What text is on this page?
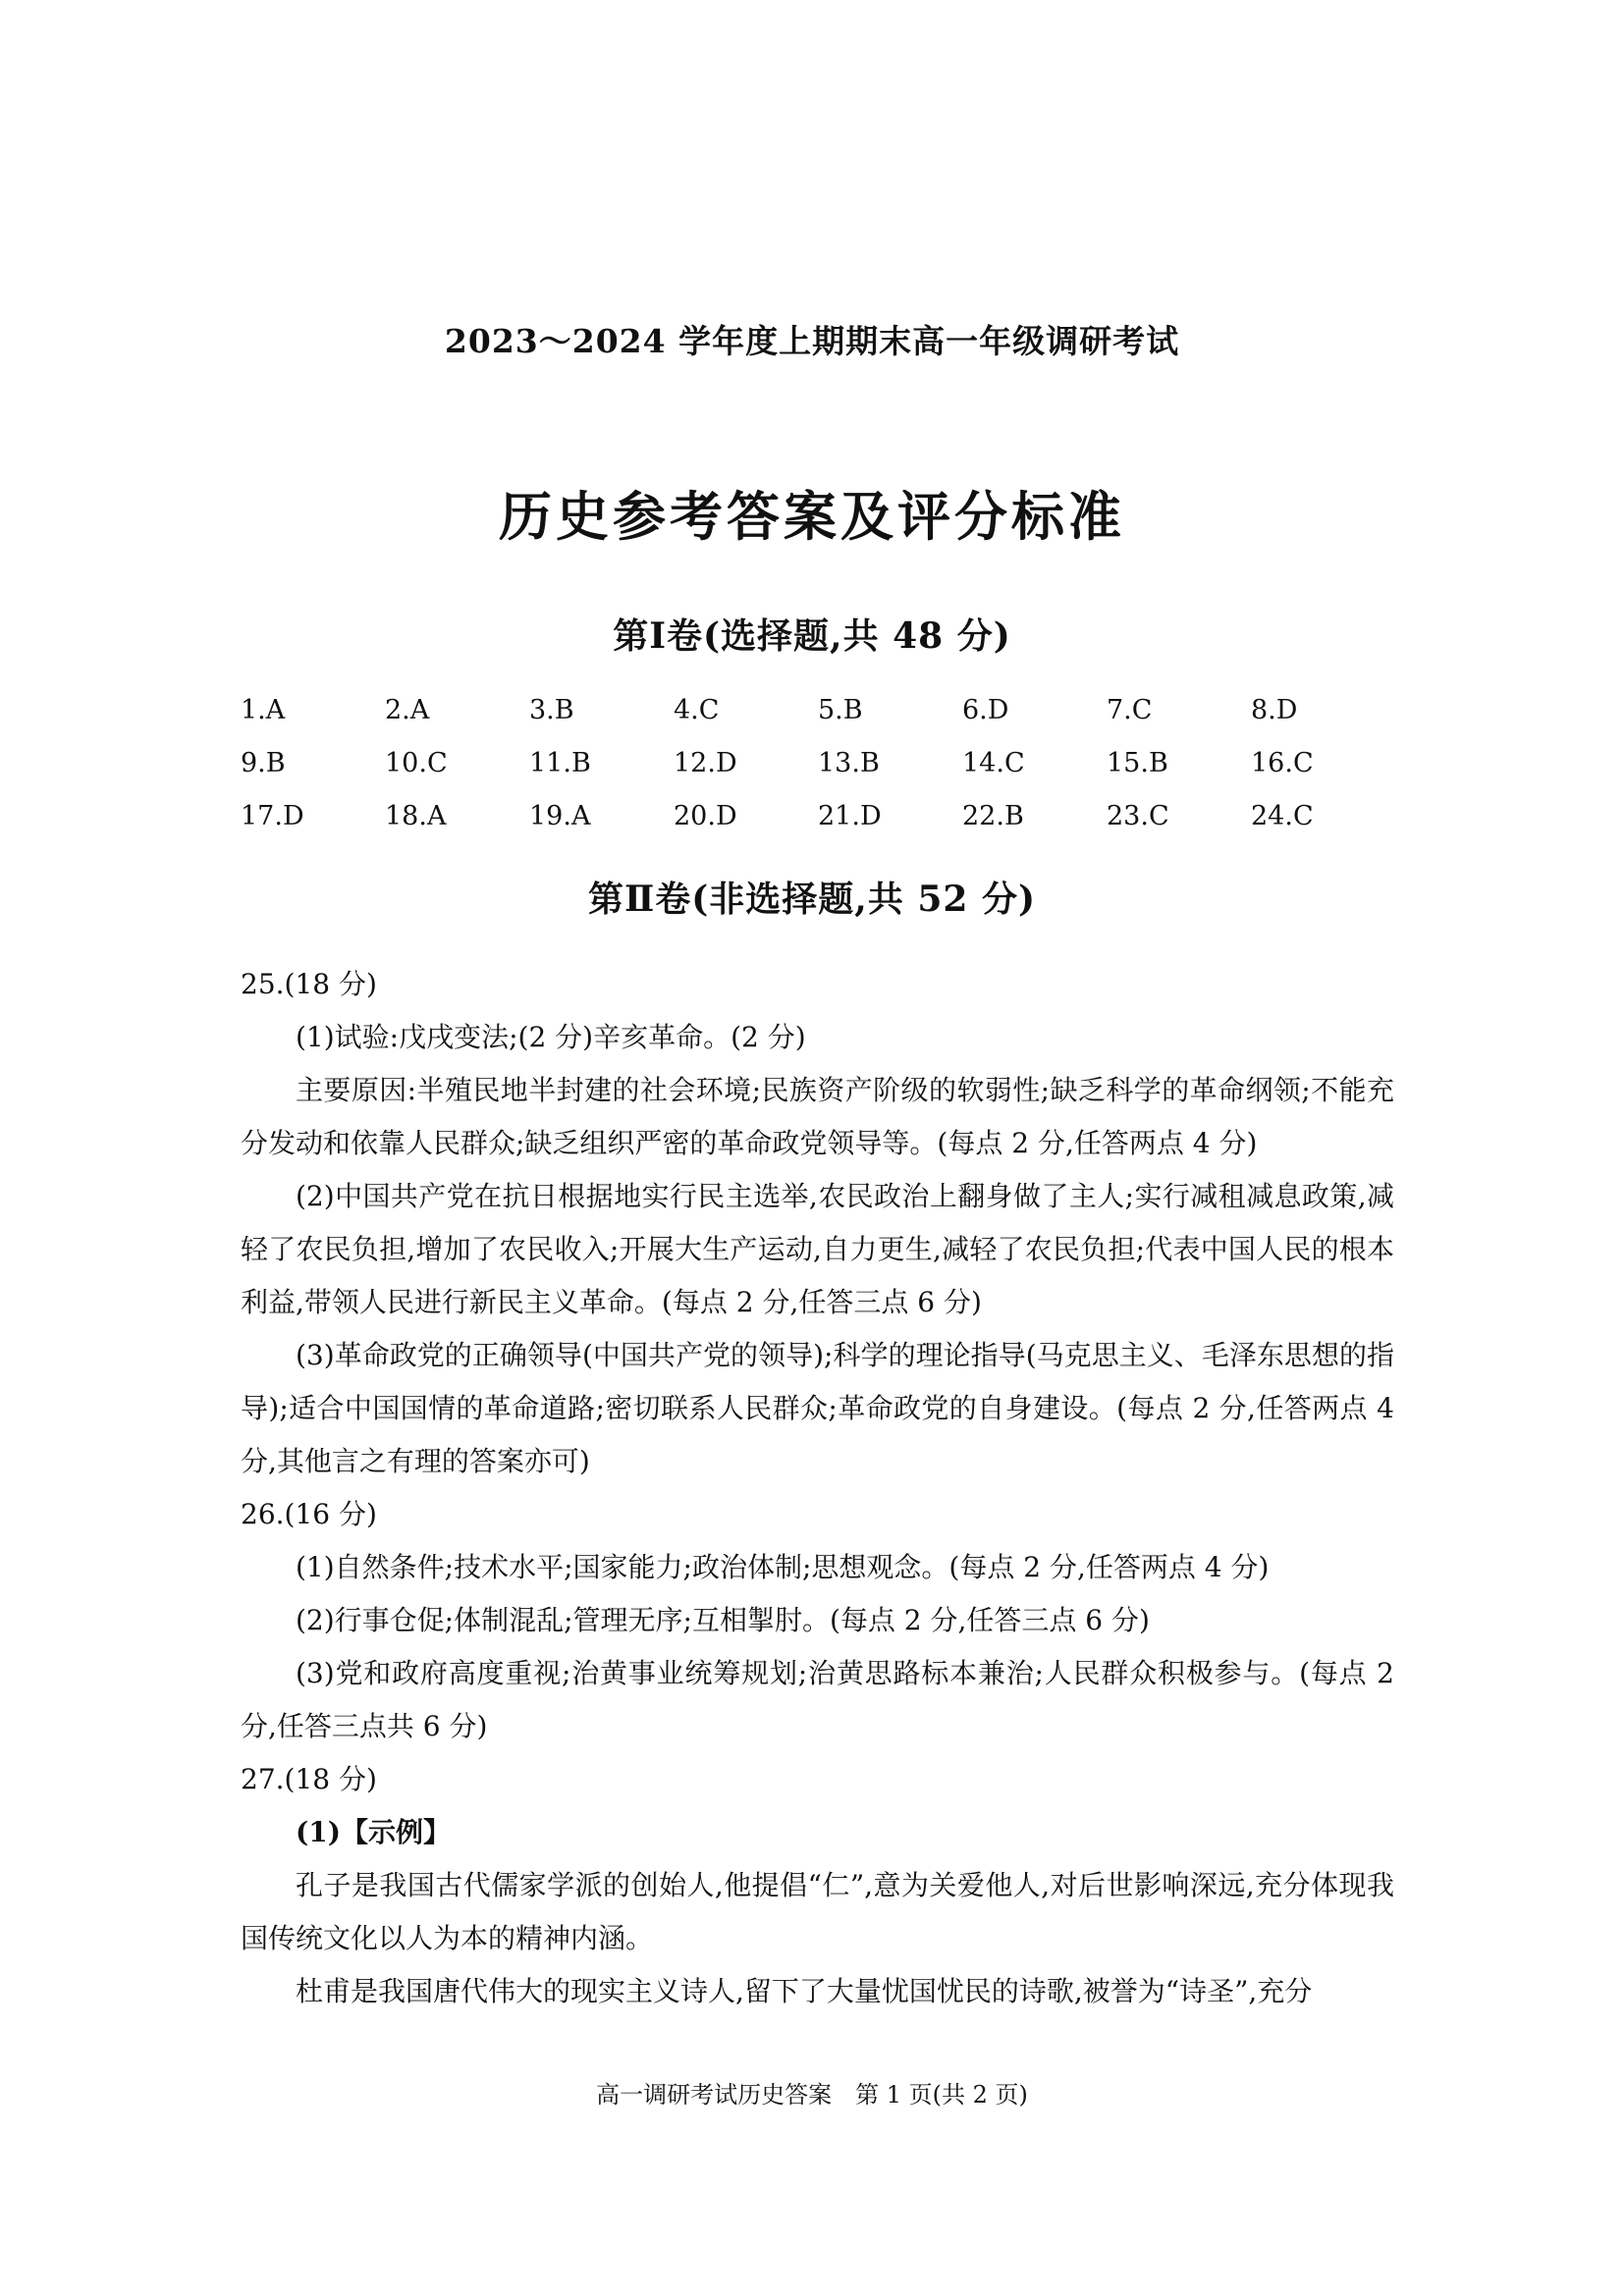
2023～2024 学年度上期期末高一年级调研考试
历史参考答案及评分标准
第Ⅰ卷(选择题,共 48 分)
1.A	2.A	3.B	4.C	5.B	6.D	7.C	8.D
9.B	10.C	11.B	12.D	13.B	14.C	15.B	16.C
17.D	18.A	19.A	20.D	21.D	22.B	23.C	24.C
第Ⅱ卷(非选择题,共 52 分)

25.(18 分)

(1)试验:戊戌变法;(2 分)辛亥革命。(2 分)

主要原因:半殖民地半封建的社会环境;民族资产阶级的软弱性;缺乏科学的革命纲领;不能充分发动和依靠人民群众;缺乏组织严密的革命政党领导等。(每点 2 分,任答两点 4 分)

(2)中国共产党在抗日根据地实行民主选举,农民政治上翻身做了主人;实行减租减息政策,减轻了农民负担,增加了农民收入;开展大生产运动,自力更生,减轻了农民负担;代表中国人民的根本利益,带领人民进行新民主义革命。(每点 2 分,任答三点 6 分)

(3)革命政党的正确领导(中国共产党的领导);科学的理论指导(马克思主义、毛泽东思想的指导);适合中国国情的革命道路;密切联系人民群众;革命政党的自身建设。(每点 2 分,任答两点 4 分,其他言之有理的答案亦可)

26.(16 分)

(1)自然条件;技术水平;国家能力;政治体制;思想观念。(每点 2 分,任答两点 4 分)

(2)行事仓促;体制混乱;管理无序;互相掣肘。(每点 2 分,任答三点 6 分)

(3)党和政府高度重视;治黄事业统筹规划;治黄思路标本兼治;人民群众积极参与。(每点 2 分,任答三点共 6 分)

27.(18 分)

(1)【示例】

孔子是我国古代儒家学派的创始人,他提倡“仁”,意为关爱他人,对后世影响深远,充分体现我国传统文化以人为本的精神内涵。

杜甫是我国唐代伟大的现实主义诗人,留下了大量忧国忧民的诗歌,被誉为“诗圣”,充分

高一调研考试历史答案　第 1 页(共 2 页)
